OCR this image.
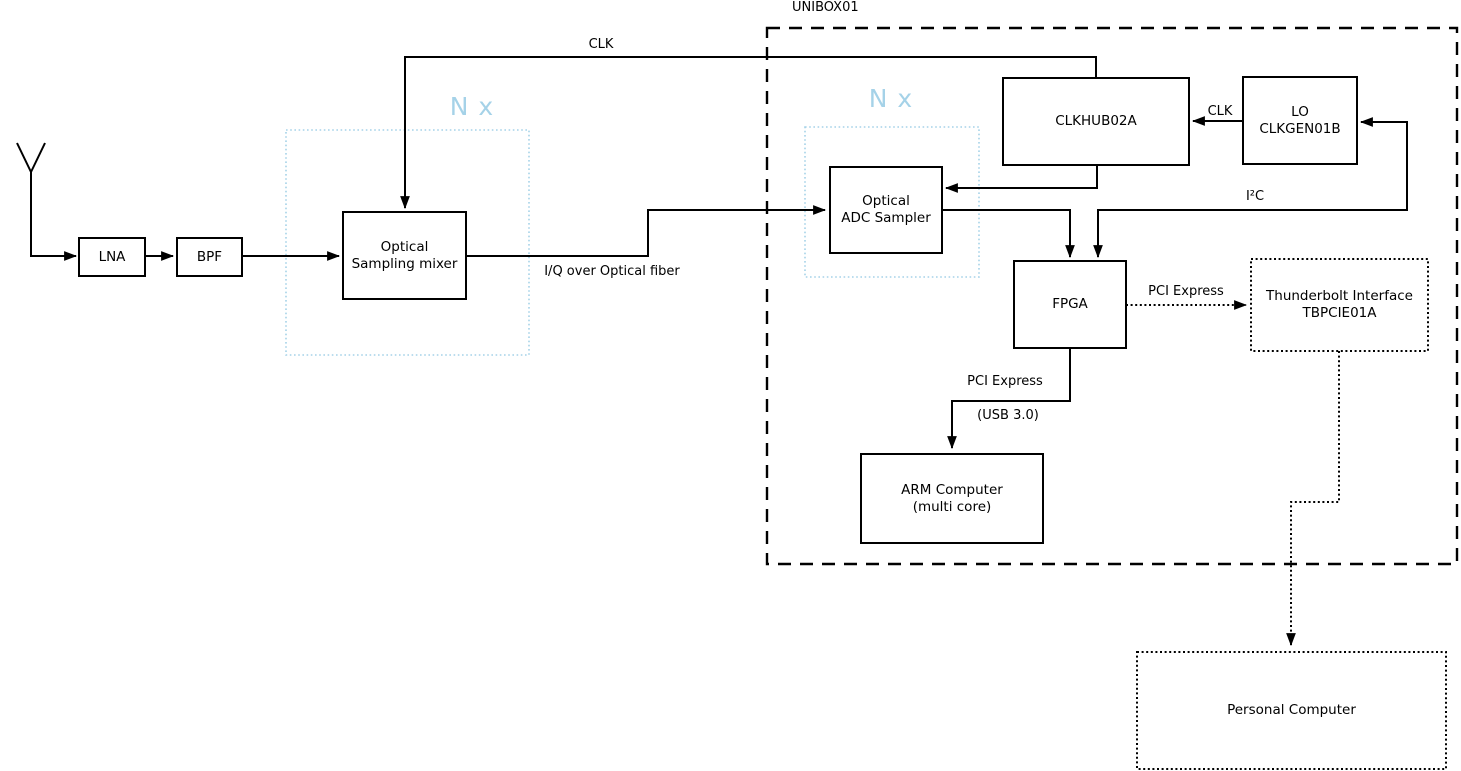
UNIBOX01
N x	N x
LNA	BPF
Optical
Sampling mixer
Optical
ADC Sampler
CLKHUB02A
LO
CLKGEN01B
FPGA
ARM Computer
(multi core)
Thunderbolt Interface
TBPCIE01A
Personal Computer
CLK
I/Q over Optical fiber
CLK
I²C
PCI Express
PCI Express
(USB 3.0)
